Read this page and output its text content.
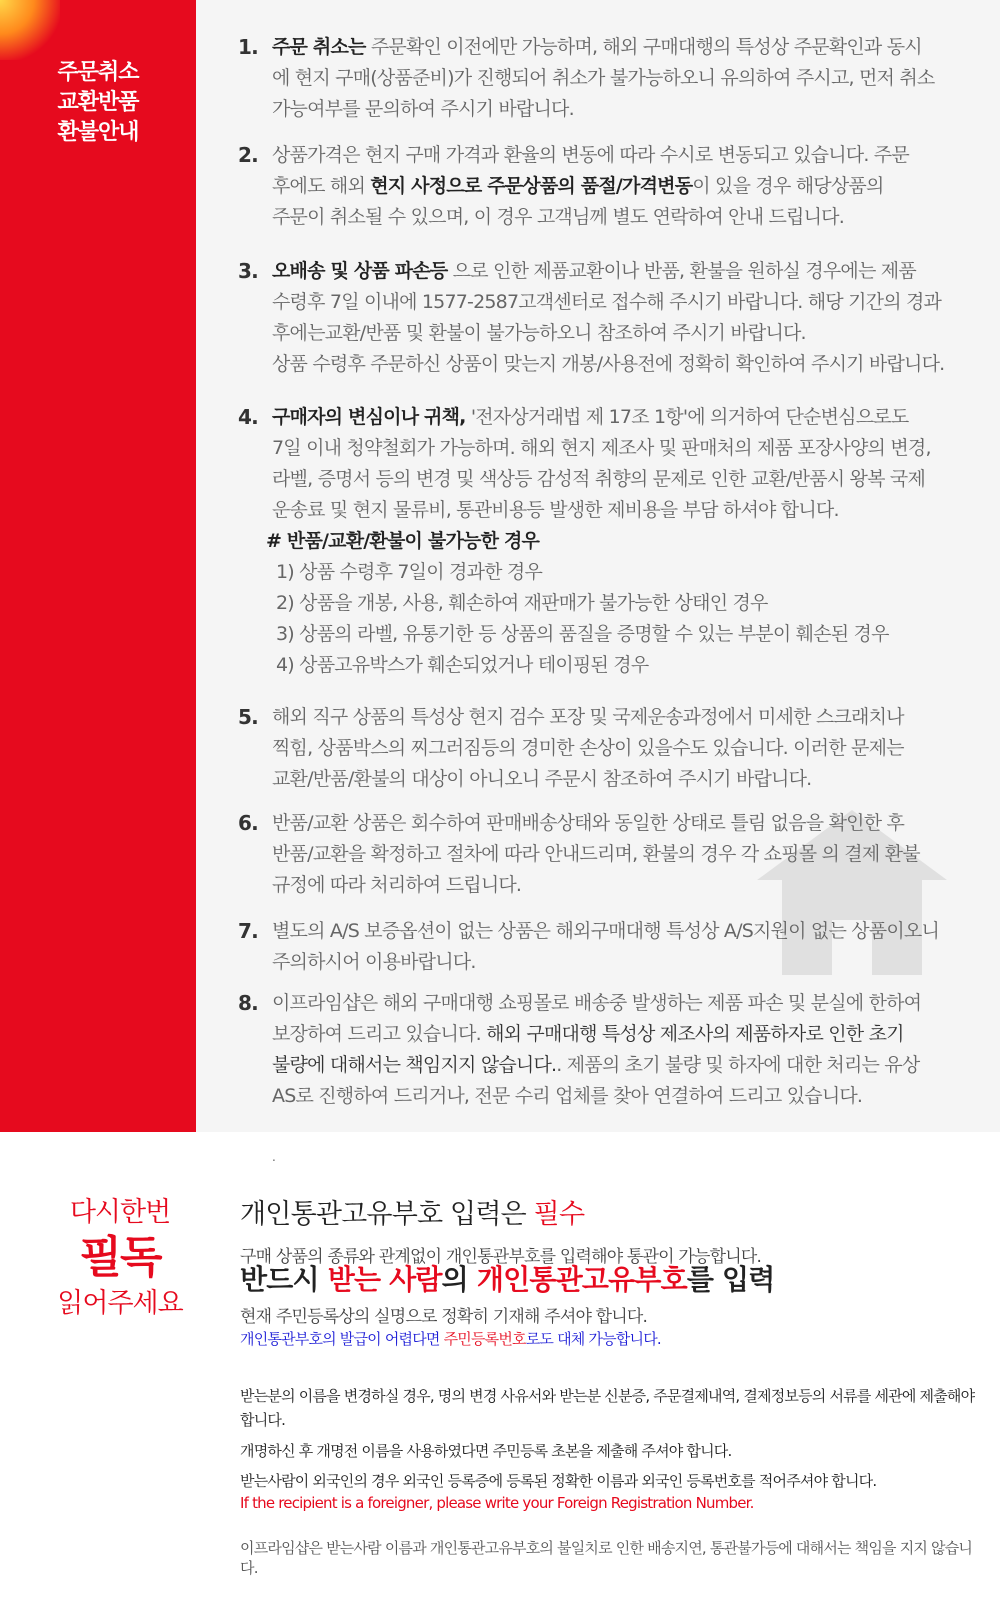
주문취소
교환반품
환불안내
1. 주문 취소는 주문확인 이전에만 가능하며, 해외 구매대행의 특성상 주문확인과 동시
에 현지 구매(상품준비)가 진행되어 취소가 불가능하오니 유의하여 주시고, 먼저 취소
가능여부를 문의하여 주시기 바랍니다.
2. 상품가격은 현지 구매 가격과 환율의 변동에 따라 수시로 변동되고 있습니다. 주문
후에도 해외 현지 사정으로 주문상품의 품절/가격변동이 있을 경우 해당상품의
주문이 취소될 수 있으며, 이 경우 고객님께 별도 연락하여 안내 드립니다.
3. 오배송 및 상품 파손등 으로 인한 제품교환이나 반품, 환불을 원하실 경우에는 제품
수령후 7일 이내에 1577-2587고객센터로 접수해 주시기 바랍니다. 해당 기간의 경과
후에는교환/반품 및 환불이 불가능하오니 참조하여 주시기 바랍니다.
상품 수령후 주문하신 상품이 맞는지 개봉/사용전에 정확히 확인하여 주시기 바랍니다.
4. 구매자의 변심이나 귀책, '전자상거래법 제 17조 1항'에 의거하여 단순변심으로도
7일 이내 청약철회가 가능하며. 해외 현지 제조사 및 판매처의 제품 포장사양의 변경,
라벨, 증명서 등의 변경 및 색상등 감성적 취향의 문제로 인한 교환/반품시 왕복 국제
운송료 및 현지 물류비, 통관비용등 발생한 제비용을 부담 하셔야 합니다.
# 반품/교환/환불이 불가능한 경우
1) 상품 수령후 7일이 경과한 경우
2) 상품을 개봉, 사용, 훼손하여 재판매가 불가능한 상태인 경우
3) 상품의 라벨, 유통기한 등 상품의 품질을 증명할 수 있는 부분이 훼손된 경우
4) 상품고유박스가 훼손되었거나 테이핑된 경우
5. 해외 직구 상품의 특성상 현지 검수 포장 및 국제운송과정에서 미세한 스크래치나
찍힘, 상품박스의 찌그러짐등의 경미한 손상이 있을수도 있습니다. 이러한 문제는
교환/반품/환불의 대상이 아니오니 주문시 참조하여 주시기 바랍니다.
6. 반품/교환 상품은 회수하여 판매배송상태와 동일한 상태로 틀림 없음을 확인한 후
반품/교환을 확정하고 절차에 따라 안내드리며, 환불의 경우 각 쇼핑몰 의 결제 환불
규정에 따라 처리하여 드립니다.
7. 별도의 A/S 보증옵션이 없는 상품은 해외구매대행 특성상 A/S지원이 없는 상품이오니
주의하시어 이용바랍니다.
8. 이프라임샵은 해외 구매대행 쇼핑몰로 배송중 발생하는 제품 파손 및 분실에 한하여
보장하여 드리고 있습니다. 해외 구매대행 특성상 제조사의 제품하자로 인한 초기
불량에 대해서는 책임지지 않습니다.. 제품의 초기 불량 및 하자에 대한 처리는 유상
AS로 진행하여 드리거나, 전문 수리 업체를 찾아 연결하여 드리고 있습니다.
.
다시한번
필독
읽어주세요
개인통관고유부호 입력은 필수
구매 상품의 종류와 관계없이 개인통관부호를 입력해야 통관이 가능합니다.
반드시 받는 사람의 개인통관고유부호를 입력
현재 주민등록상의 실명으로 정확히 기재해 주셔야 합니다.
개인통관부호의 발급이 어렵다면 주민등록번호로도 대체 가능합니다.
받는분의 이름을 변경하실 경우, 명의 변경 사유서와 받는분 신분증, 주문결제내역, 결제정보등의 서류를 세관에 제출해야 합니다.
개명하신 후 개명전 이름을 사용하였다면 주민등록 초본을 제출해 주셔야 합니다.
받는사람이 외국인의 경우 외국인 등록증에 등록된 정확한 이름과 외국인 등록번호를 적어주셔야 합니다.
If the recipient is a foreigner, please write your Foreign Registration Number.
이프라임샵은 받는사람 이름과 개인통관고유부호의 불일치로 인한 배송지연, 통관불가등에 대해서는 책임을 지지 않습니다.
